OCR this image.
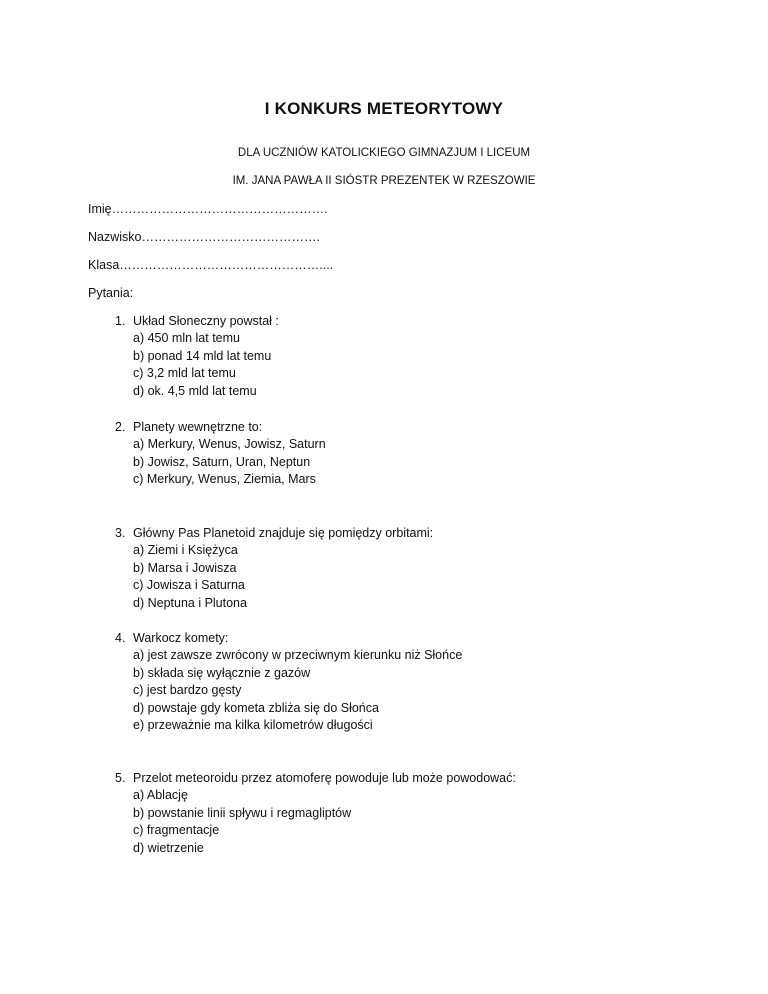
I KONKURS METEORYTOWY
DLA UCZNIÓW KATOLICKIEGO GIMNAZJUM I LICEUM
IM. JANA PAWŁA II SIÓSTR PREZENTEK W RZESZOWIE
Imię…………………………………………….
Nazwisko…………………………………….
Klasa…………………………………………....
Pytania:
1. Układ Słoneczny powstał :
a) 450 mln lat temu
b) ponad 14 mld lat temu
c) 3,2 mld lat temu
d) ok. 4,5 mld lat temu
2. Planety wewnętrzne to:
a) Merkury, Wenus, Jowisz, Saturn
b) Jowisz, Saturn, Uran, Neptun
c) Merkury, Wenus, Ziemia, Mars
3. Główny Pas Planetoid znajduje się pomiędzy orbitami:
a) Ziemi i Księżyca
b) Marsa i Jowisza
c) Jowisza i Saturna
d) Neptuna i Plutona
4. Warkocz komety:
a) jest zawsze zwrócony w przeciwnym kierunku niż Słońce
b) składa się wyłącznie z gazów
c) jest bardzo gęsty
d) powstaje gdy kometa zbliża się do Słońca
e) przeważnie ma kilka kilometrów długości
5. Przelot meteoroidu przez atomoferę powoduje lub może powodować:
a) Ablację
b) powstanie linii spływu i regmagliptów
c) fragmentacje
d) wietrzenie
